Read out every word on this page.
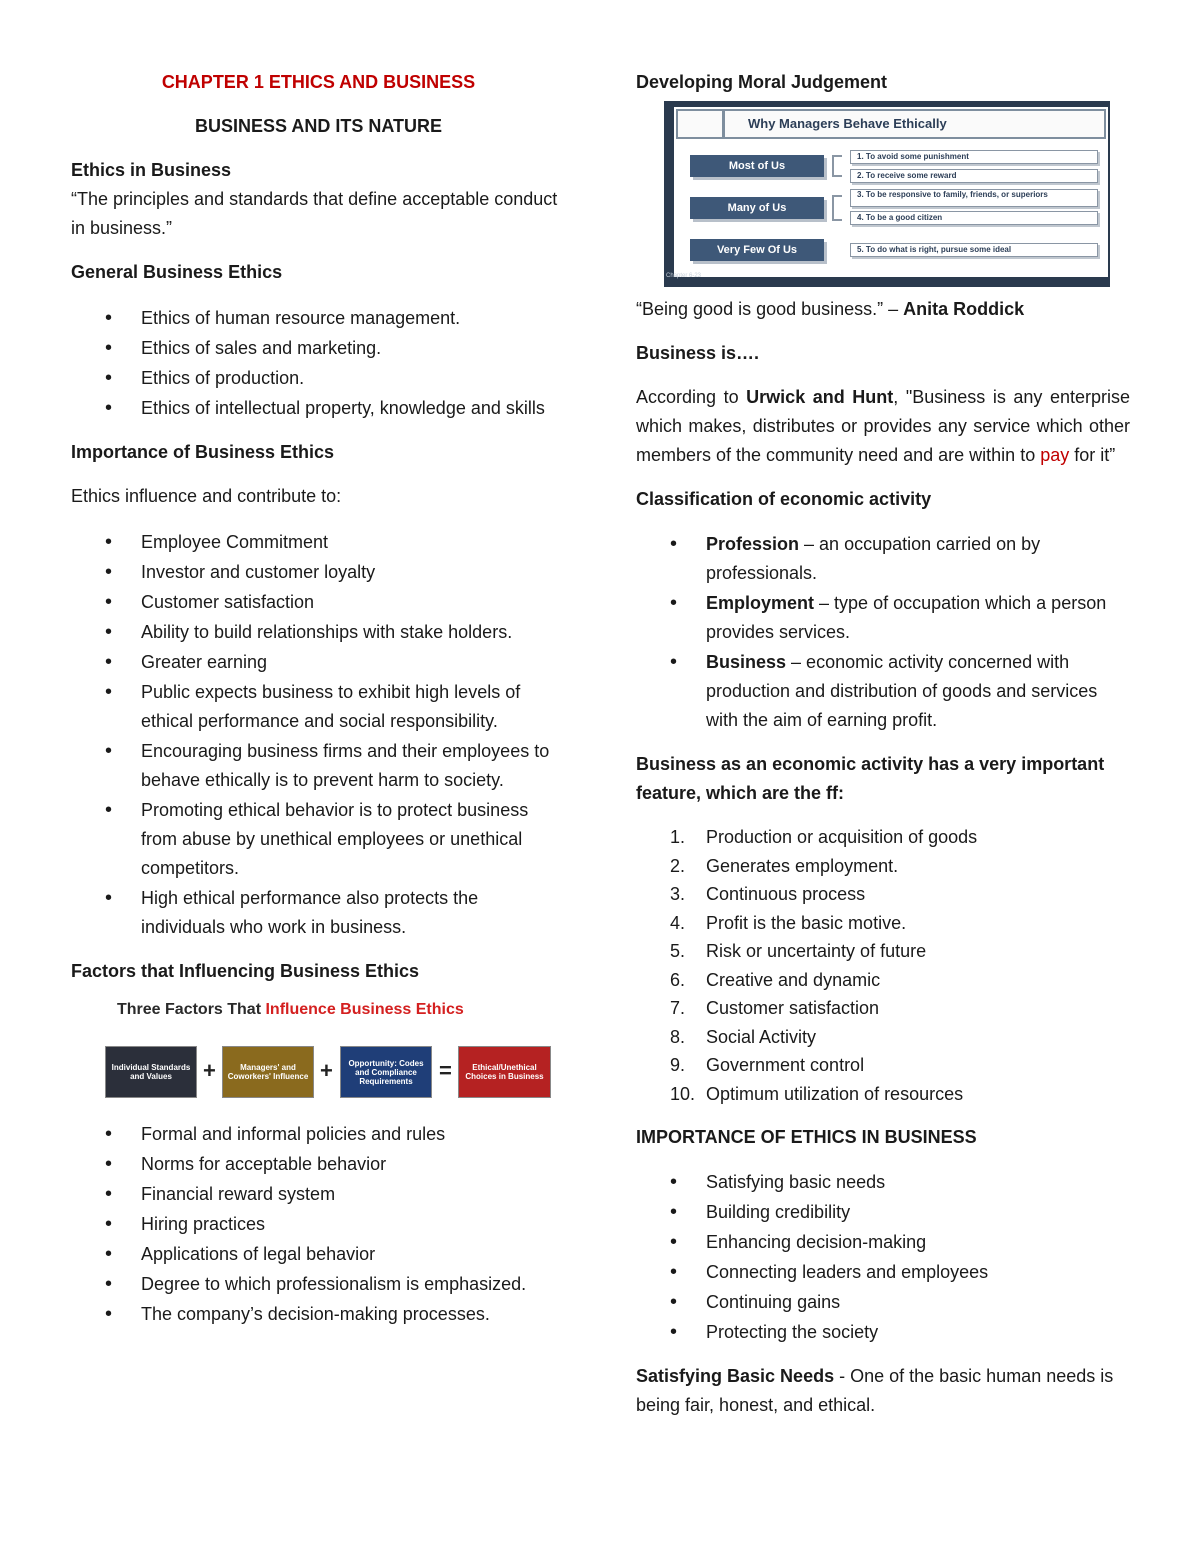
CHAPTER 1 ETHICS AND BUSINESS
BUSINESS AND ITS NATURE
Ethics in Business
“The principles and standards that define acceptable conduct in business.”
General Business Ethics
• Ethics of human resource management.
• Ethics of sales and marketing.
• Ethics of production.
• Ethics of intellectual property, knowledge and skills
Importance of Business Ethics
Ethics influence and contribute to:
• Employee Commitment
• Investor and customer loyalty
• Customer satisfaction
• Ability to build relationships with stake holders.
• Greater earning
• Public expects business to exhibit high levels of ethical performance and social responsibility.
• Encouraging business firms and their employees to behave ethically is to prevent harm to society.
• Promoting ethical behavior is to protect business from abuse by unethical employees or unethical competitors.
• High ethical performance also protects the individuals who work in business.
Factors that Influencing Business Ethics
Three Factors That Influence Business Ethics
Individual Standards and Values	+	Managers' and Coworkers' Influence +	Opportunity: Codes and Compliance Requirements	=	Ethical/Unethical Choices in Business
• Formal and informal policies and rules
• Norms for acceptable behavior
• Financial reward system
• Hiring practices
• Applications of legal behavior
• Degree to which professionalism is emphasized.
• The company’s decision-making processes.
Developing Moral Judgement
Why Managers Behave Ethically
Most of Us
Many of Us
Very Few Of Us
1. To avoid some punishment
2. To receive some reward
3. To be responsive to family, friends, or superiors
4. To be a good citizen
5. To do what is right, pursue some ideal
Chapter 6-23
“Being good is good business.” – Anita Roddick
Business is….
According to Urwick and Hunt, "Business is any enterprise which makes, distributes or provides any service which other members of the community need and are within to pay for it”
Classification of economic activity
• Profession – an occupation carried on by professionals.
• Employment – type of occupation which a person provides services.
• Business – economic activity concerned with production and distribution of goods and services with the aim of earning profit.
Business as an economic activity has a very important feature, which are the ff:
1. Production or acquisition of goods
2. Generates employment.
3. Continuous process
4. Profit is the basic motive.
5. Risk or uncertainty of future
6. Creative and dynamic
7. Customer satisfaction
8. Social Activity
9. Government control
10. Optimum utilization of resources
IMPORTANCE OF ETHICS IN BUSINESS
• Satisfying basic needs
• Building credibility
• Enhancing decision-making
• Connecting leaders and employees
• Continuing gains
• Protecting the society
Satisfying Basic Needs - One of the basic human needs is being fair, honest, and ethical.
